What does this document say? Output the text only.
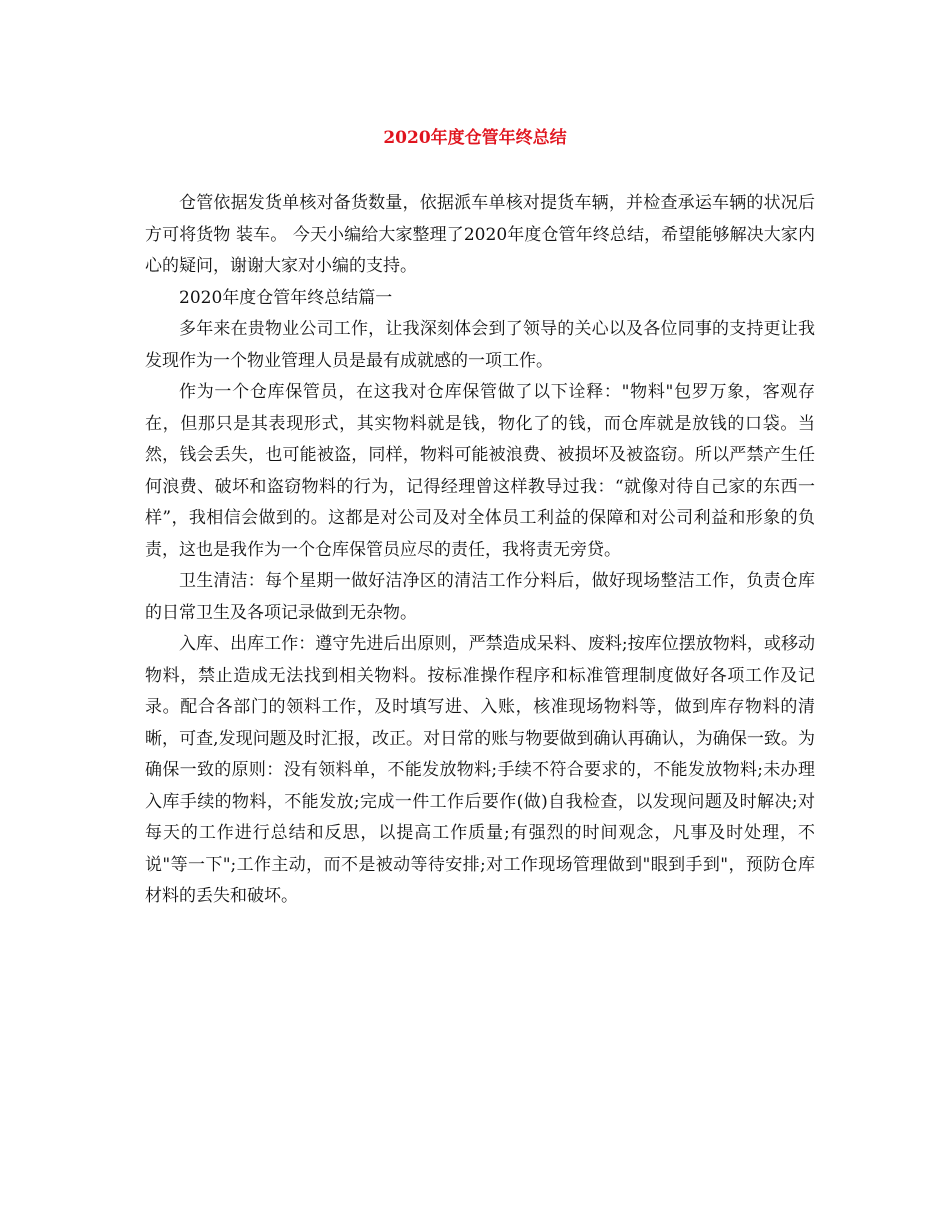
2020年度仓管年终总结

仓管依据发货单核对备货数量，依据派车单核对提货车辆，并检查承运车辆的状况后方可将货物 装车。 今天小编给大家整理了2020年度仓管年终总结，希望能够解决大家内心的疑问，谢谢大家对小编的支持。

2020年度仓管年终总结篇一

多年来在贵物业公司工作，让我深刻体会到了领导的关心以及各位同事的支持更让我发现作为一个物业管理人员是最有成就感的一项工作。

作为一个仓库保管员，在这我对仓库保管做了以下诠释："物料"包罗万象，客观存在，但那只是其表现形式，其实物料就是钱，物化了的钱，而仓库就是放钱的口袋。当然，钱会丢失，也可能被盗，同样，物料可能被浪费、被损坏及被盗窃。所以严禁产生任何浪费、破坏和盗窃物料的行为，记得经理曾这样教导过我：“就像对待自己家的东西一样”，我相信会做到的。这都是对公司及对全体员工利益的保障和对公司利益和形象的负责，这也是我作为一个仓库保管员应尽的责任，我将责无旁贷。

卫生清洁：每个星期一做好洁净区的清洁工作分料后，做好现场整洁工作，负责仓库的日常卫生及各项记录做到无杂物。

入库、出库工作：遵守先进后出原则，严禁造成呆料、废料;按库位摆放物料，或移动物料，禁止造成无法找到相关物料。按标准操作程序和标准管理制度做好各项工作及记录。配合各部门的领料工作，及时填写进、入账，核准现场物料等，做到库存物料的清晰，可查,发现问题及时汇报，改正。对日常的账与物要做到确认再确认，为确保一致。为确保一致的原则：没有领料单，不能发放物料;手续不符合要求的，不能发放物料;未办理入库手续的物料，不能发放;完成一件工作后要作(做)自我检查，以发现问题及时解决;对每天的工作进行总结和反思，以提高工作质量;有强烈的时间观念，凡事及时处理，不说"等一下";工作主动，而不是被动等待安排;对工作现场管理做到"眼到手到"，预防仓库材料的丢失和破坏。
